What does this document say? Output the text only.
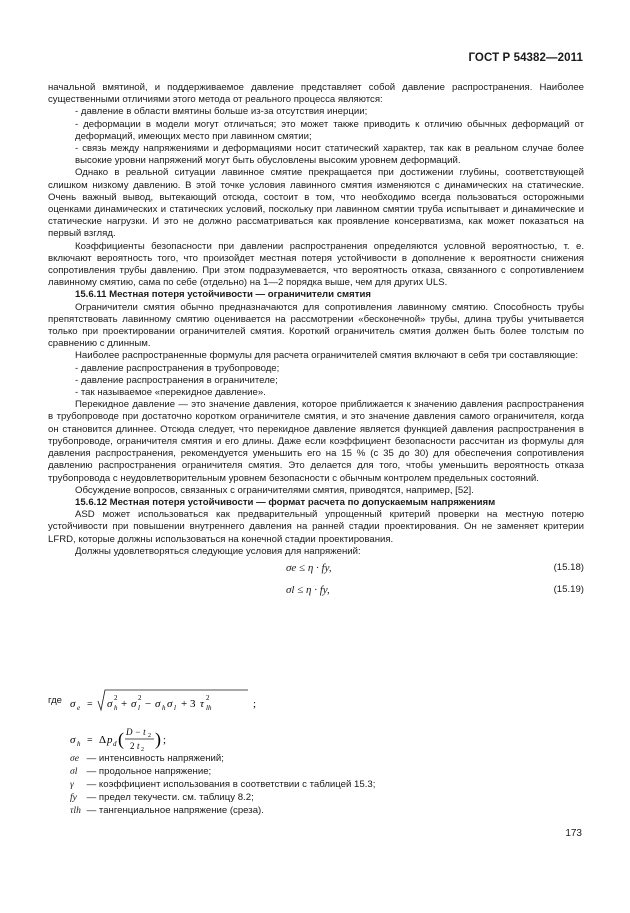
ГОСТ Р 54382—2011

начальной вмятиной, и поддерживаемое давление представляет собой давление распространения. Наиболее существенными отличиями этого метода от реального процесса являются:

- давление в области вмятины больше из-за отсутствия инерции;

- деформации в модели могут отличаться; это может также приводить к отличию обычных деформаций от деформаций, имеющих место при лавинном смятии;

- связь между напряжениями и деформациями носит статический характер, так как в реальном случае более высокие уровни напряжений могут быть обусловлены высоким уровнем деформаций.

Однако в реальной ситуации лавинное смятие прекращается при достижении глубины, соответствующей слишком низкому давлению. В этой точке условия лавинного смятия изменяются с динамических на статические. Очень важный вывод, вытекающий отсюда, состоит в том, что необходимо всегда пользоваться осторожными оценками динамических и статических условий, поскольку при лавинном смятии труба испытывает и динамические и статические нагрузки. И это не должно рассматриваться как проявление консерватизма, как может показаться на первый взгляд.

Коэффициенты безопасности при давлении распространения определяются условной вероятностью, т. е. включают вероятность того, что произойдет местная потеря устойчивости в дополнение к вероятности снижения сопротивления трубы давлению. При этом подразумевается, что вероятность отказа, связанного с сопротивлением лавинному смятию, сама по себе (отдельно) на 1—2 порядка выше, чем для других ULS.

15.6.11 Местная потеря устойчивости — ограничители смятия

Ограничители смятия обычно предназначаются для сопротивления лавинному смятию. Способность трубы препятствовать лавинному смятию оценивается на рассмотрении «бесконечной» трубы, длина трубы учитывается только при проектировании ограничителей смятия. Короткий ограничитель смятия должен быть более толстым по сравнению с длинным.

Наиболее распространенные формулы для расчета ограничителей смятия включают в себя три составляющие:

- давление распространения в трубопроводе;

- давление распространения в ограничителе;

- так называемое «перекидное давление».

Перекидное давление — это значение давления, которое приближается к значению давления распространения в трубопроводе при достаточно коротком ограничителе смятия, и это значение давления самого ограничителя, когда он становится длиннее. Отсюда следует, что перекидное давление является функцией давления распространения в трубопроводе, ограничителя смятия и его длины. Даже если коэффициент безопасности рассчитан из формулы для давления распространения, рекомендуется уменьшить его на 15 % (с 35 до 30) для обеспечения сопротивления давлению распространения ограничителя смятия. Это делается для того, чтобы уменьшить вероятность отказа трубопровода с неудовлетворительным уровнем безопасности с обычным контролем предельных состояний.

Обсуждение вопросов, связанных с ограничителями смятия, приводятся, например, [52].

15.6.12 Местная потеря устойчивости — формат расчета по допускаемым напряжениям

ASD может использоваться как предварительный упрощенный критерий проверки на местную потерю устойчивости при повышении внутреннего давления на ранней стадии проектирования. Он не заменяет критерии LFRD, которые должны использоваться на конечной стадии проектирования.

Должны удовлетворяться следующие условия для напряжений:

σe ≤ η · fy,	(15.18)
σl ≤ η · fy,	(15.19)
где σ e = σ h
2 + σ l
2 − σ h σ l + 3 τ 2
lh	;
σ h = Δ p d ( D − t 2
2 t 2
) ;
σe — интенсивность напряжений;
σl — продольное напряжение;
γ — коэффициент использования в соответствии с таблицей 15.3;
fy — предел текучести. см. таблицу 8.2;
τlh — тангенциальное напряжение (среза).
173
